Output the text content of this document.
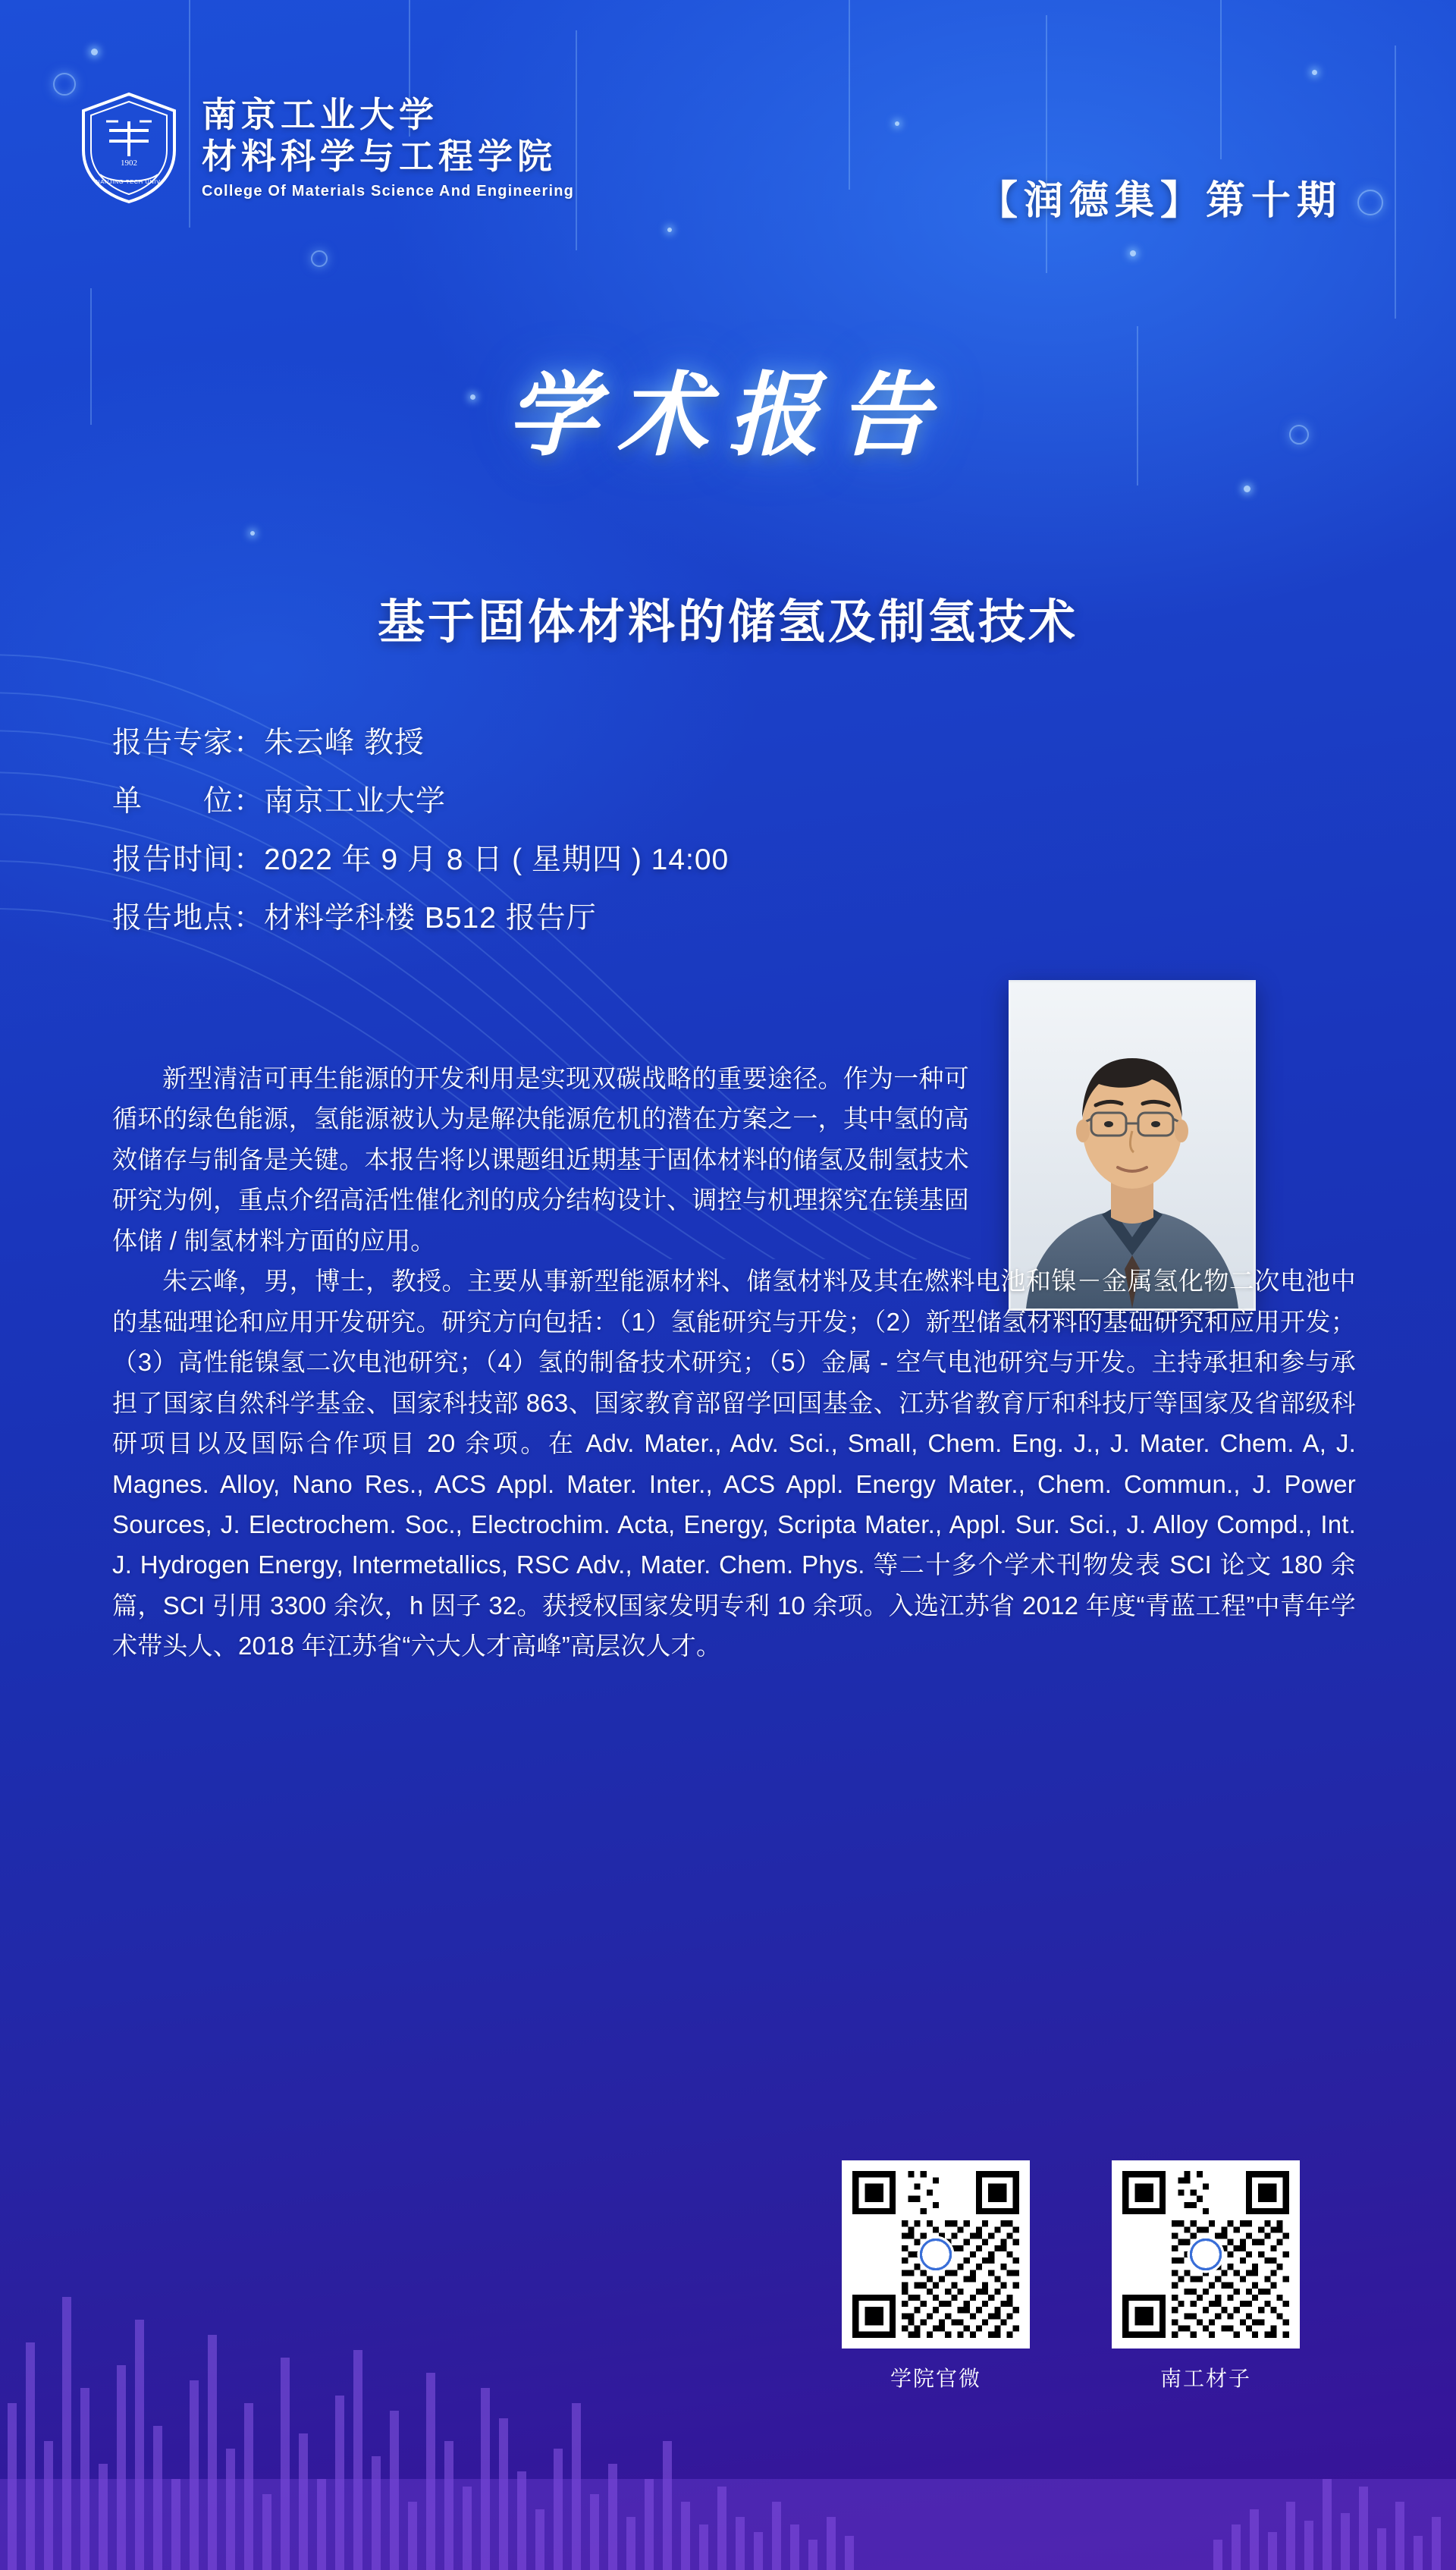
1902
NANJING TECH UNIV.
南京工业大学
材料科学与工程学院
College Of Materials Science And Engineering	【润德集】第十期
学术报告
基于固体材料的储氢及制氢技术
报告专家：朱云峰 教授
单　　位：南京工业大学
报告时间：2022 年 9 月 8 日 ( 星期四 ) 14:00
报告地点：材料学科楼 B512 报告厅

新型清洁可再生能源的开发利用是实现双碳战略的重要途径。作为一种可循环的绿色能源，氢能源被认为是解决能源危机的潜在方案之一，其中氢的高效储存与制备是关键。本报告将以课题组近期基于固体材料的储氢及制氢技术研究为例，重点介绍高活性催化剂的成分结构设计、调控与机理探究在镁基固体储 / 制氢材料方面的应用。

朱云峰，男，博士，教授。主要从事新型能源材料、储氢材料及其在燃料电池和镍－金属氢化物二次电池中的基础理论和应用开发研究。研究方向包括：（1）氢能研究与开发；（2）新型储氢材料的基础研究和应用开发；（3）高性能镍氢二次电池研究；（4）氢的制备技术研究；（5）金属 - 空气电池研究与开发。主持承担和参与承担了国家自然科学基金、国家科技部 863、国家教育部留学回国基金、江苏省教育厅和科技厅等国家及省部级科研项目以及国际合作项目 20 余项。在 Adv. Mater., Adv. Sci., Small, Chem. Eng. J., J. Mater. Chem. A, J. Magnes. Alloy, Nano Res., ACS Appl. Mater. Inter., ACS Appl. Energy Mater., Chem. Commun., J. Power Sources, J. Electrochem. Soc., Electrochim. Acta, Energy, Scripta Mater., Appl. Sur. Sci., J. Alloy Compd., Int. J. Hydrogen Energy, Intermetallics, RSC Adv., Mater. Chem. Phys. 等二十多个学术刊物发表 SCI 论文 180 余篇，SCI 引用 3300 余次，h 因子 32。获授权国家发明专利 10 余项。入选江苏省 2012 年度“青蓝工程”中青年学术带头人、2018 年江苏省“六大人才高峰”高层次人才。

学院官微	南工材子
